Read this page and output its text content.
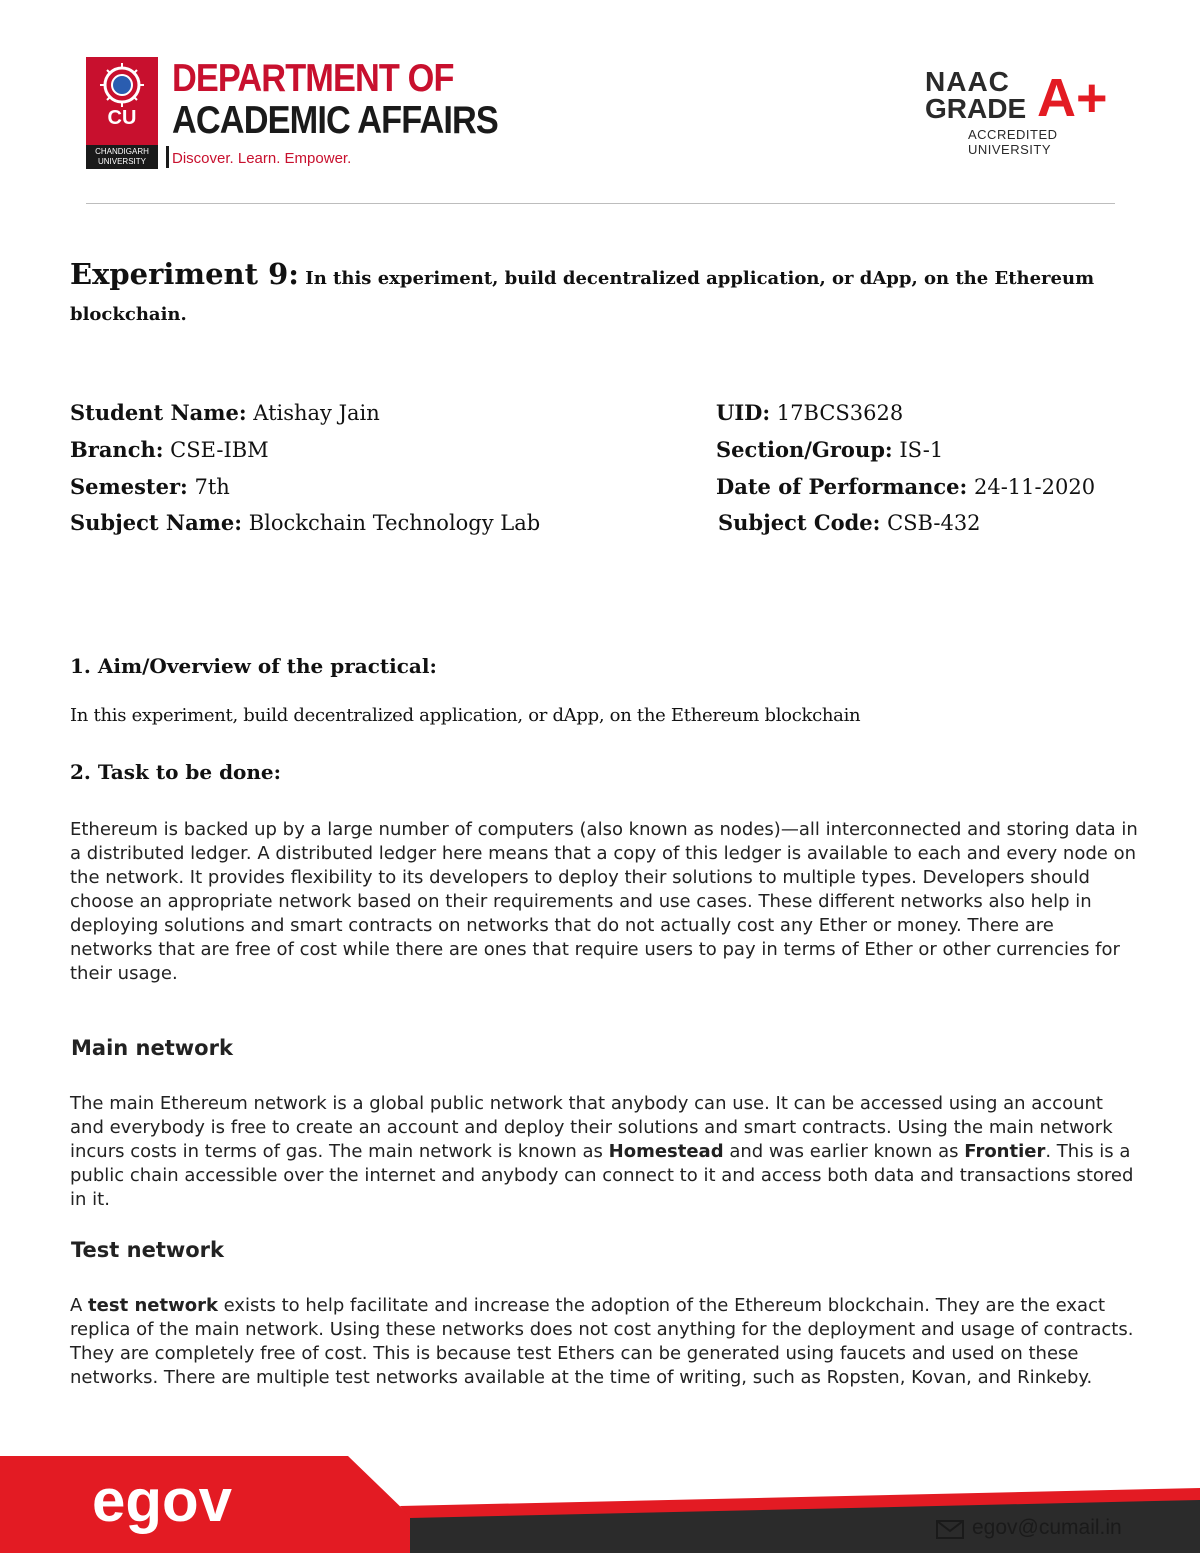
CU
CHANDIGARH UNIVERSITY
DEPARTMENT OF
ACADEMIC AFFAIRS
Discover. Learn. Empower.
NAAC
GRADE A+
ACCREDITED UNIVERSITY
Experiment 9: In this experiment, build decentralized application, or dApp, on the Ethereum blockchain.
Student Name: Atishay Jain
Branch: CSE-IBM
Semester: 7th
Subject Name: Blockchain Technology Lab
UID: 17BCS3628
Section/Group: IS-1
Date of Performance: 24-11-2020
Subject Code: CSB-432
1. Aim/Overview of the practical:
In this experiment, build decentralized application, or dApp, on the Ethereum blockchain
2. Task to be done:
Ethereum is backed up by a large number of computers (also known as nodes)—all interconnected and storing data in a distributed ledger. A distributed ledger here means that a copy of this ledger is available to each and every node on the network. It provides flexibility to its developers to deploy their solutions to multiple types. Developers should choose an appropriate network based on their requirements and use cases. These different networks also help in deploying solutions and smart contracts on networks that do not actually cost any Ether or money. There are networks that are free of cost while there are ones that require users to pay in terms of Ether or other currencies for their usage.
Main network
The main Ethereum network is a global public network that anybody can use. It can be accessed using an account and everybody is free to create an account and deploy their solutions and smart contracts. Using the main network incurs costs in terms of gas. The main network is known as Homestead and was earlier known as Frontier. This is a public chain accessible over the internet and anybody can connect to it and access both data and transactions stored in it.
Test network
A test network exists to help facilitate and increase the adoption of the Ethereum blockchain. They are the exact replica of the main network. Using these networks does not cost anything for the deployment and usage of contracts. They are completely free of cost. This is because test Ethers can be generated using faucets and used on these networks. There are multiple test networks available at the time of writing, such as Ropsten, Kovan, and Rinkeby.
egov	egov@cumail.in
